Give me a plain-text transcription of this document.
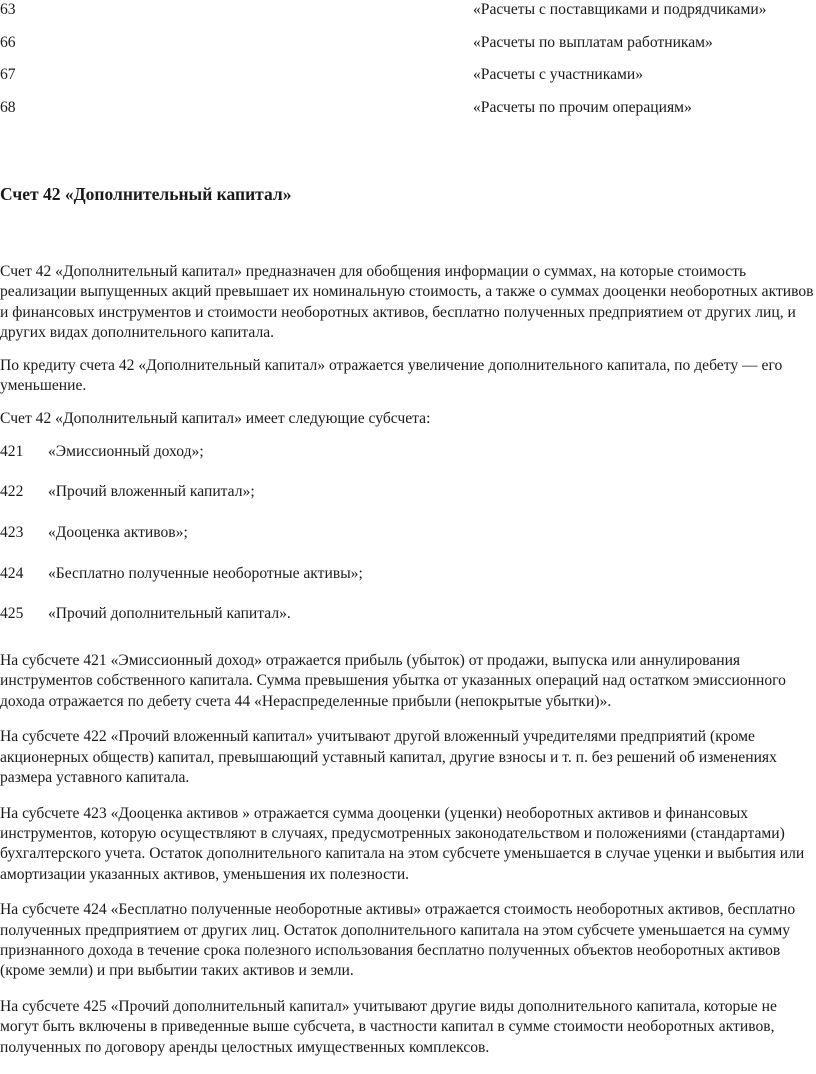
63	«Расчеты с поставщиками и подрядчиками»
66	«Расчеты по выплатам работникам»
67	«Расчеты с участниками»
68	«Расчеты по прочим операциям»
Счет 42 «Дополнительный капитал»

Счет 42 «Дополнительный капитал» предназначен для обобщения информации о суммах, на которые стоимость реализации выпущенных акций превышает их номинальную стоимость, а также о суммах дооценки необоротных активов и финансовых инструментов и стоимости необоротных активов, бесплатно полученных предприятием от других лиц, и других видах дополнительного капитала.

По кредиту счета 42 «Дополнительный капитал» отражается увеличение дополнительного капитала, по дебету — его уменьшение.

Счет 42 «Дополнительный капитал» имеет следующие субсчета:

421 «Эмиссионный доход»;
422 «Прочий вложенный капитал»;
423 «Дооценка активов»;
424 «Бесплатно полученные необоротные активы»;
425 «Прочий дополнительный капитал».

На субсчете 421 «Эмиссионный доход» отражается прибыль (убыток) от продажи, выпуска или аннулирования инструментов собственного капитала. Сумма превышения убытка от указанных операций над остатком эмиссионного дохода отражается по дебету счета 44 «Нераспределенные прибыли (непокрытые убытки)».

На субсчете 422 «Прочий вложенный капитал» учитывают другой вложенный учредителями предприятий (кроме акционерных обществ) капитал, превышающий уставный капитал, другие взносы и т. п. без решений об изменениях размера уставного капитала.

На субсчете 423 «Дооценка активов » отражается сумма дооценки (уценки) необоротных активов и финансовых инструментов, которую осуществляют в случаях, предусмотренных законодательством и положениями (стандартами) бухгалтерского учета. Остаток дополнительного капитала на этом субсчете уменьшается в случае уценки и выбытия или амортизации указанных активов, уменьшения их полезности.

На субсчете 424 «Бесплатно полученные необоротные активы» отражается стоимость необоротных активов, бесплатно полученных предприятием от других лиц. Остаток дополнительного капитала на этом субсчете уменьшается на сумму признанного дохода в течение срока полезного использования бесплатно полученных объектов необоротных активов (кроме земли) и при выбытии таких активов и земли.

На субсчете 425 «Прочий дополнительный капитал» учитывают другие виды дополнительного капитала, которые не могут быть включены в приведенные выше субсчета, в частности капитал в сумме стоимости необоротных активов, полученных по договору аренды целостных имущественных комплексов.
